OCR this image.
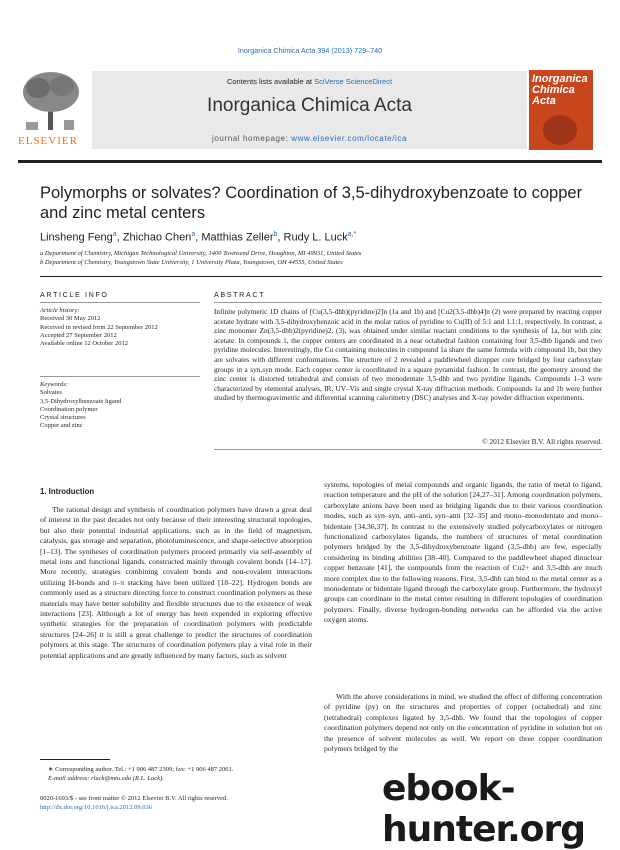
Inorganica Chimica Acta 394 (2013) 729–740
ELSEVIER
Contents lists available at SciVerse ScienceDirect
Inorganica Chimica Acta
journal homepage: www.elsevier.com/locate/ica
Inorganica Chimica Acta
Polymorphs or solvates? Coordination of 3,5-dihydroxybenzoate to copper and zinc metal centers
Linsheng Feng$^a$, Zhichao Chen$^a$, Matthias Zeller$^b$, Rudy L. Luck$^{a,*}$
a Department of Chemistry, Michigan Technological University, 1400 Townsend Drive, Houghton, MI 49931, United States
b Department of Chemistry, Youngstown State University, 1 University Plaza, Youngstown, OH 44555, United States
ARTICLE INFO	ABSTRACT
Article history:
Received 30 May 2012
Received in revised form 22 September 2012
Accepted 27 September 2012
Available online 12 October 2012
Keywords:
Solvates
3,5-Dihydroxylbenzoate ligand
Coordination polymer
Crystal structures
Copper and zinc
Infinite polymeric 1D chains of [Cu(3,5-dhb)(pyridine)2]n (1a and 1b) and [Cu2(3,5-dhb)4]n (2) were prepared by reacting copper acetate hydrate with 3,5-dihydroxybenzoic acid in the molar ratios of pyridine to Cu(II) of 5:1 and 1.1:1, respectively. In contrast, a zinc monomer Zn(3,5-dhb)2(pyridine)2, (3), was obtained under similar reactant conditions to the synthesis of 1a, but with zinc acetate. In compounds 1, the copper centers are coordinated in a near octahedral fashion containing four 3,5-dhb ligands and two pyridine molecules. Interestingly, the Cu containing molecules in compound 1a share the same formula with compound 1b, but they are solvates with different conformations. The structure of 2 revealed a paddlewheel dicopper core bridged by four carboxylate groups in a syn,syn mode. Each copper center is coordinated in a square pyramidal fashion. In contrast, the geometry around the zinc center is distorted tetrahedral and consists of two monodentate 3,5-dhb and two pyridine ligands. Compounds 1–3 were characterized by elemental analyses, IR, UV–Vis and single crystal X-ray diffraction methods. Compounds 1a and 1b were further studied by thermogravimetric and differential scanning calorimetry (DSC) analyses and X-ray powder diffraction experiments.
© 2012 Elsevier B.V. All rights reserved.
1. Introduction
The rational design and synthesis of coordination polymers have drawn a great deal of interest in the past decades not only because of their interesting structural topologies, but also their potential industrial applications, such as in the field of magnetism, catalysis, gas storage and separation, photoluminescence, and shape-selective absorption [1–13]. The syntheses of coordination polymers proceed primarily via self-assembly of metal ions and functional ligands, constructed mainly through covalent bonds [14–17]. More recently, strategies combining covalent bonds and non-covalent interactions utilizing H-bonds and π–π stacking have been utilized [18–22]. Hydrogen bonds are commonly used as a structure directing force to construct coordination polymers as these materials may have better solubility and flexible structures due to the existence of weak interactions [23]. Although a lot of energy has been expended in exploring effective synthetic strategies for the preparation of coordination polymers with predictable structures [24–26] it is still a great challenge to predict the structures of coordination polymers at this stage. The structures of coordination polymers play a vital role in their potential applications and are greatly influenced by many factors, such as solvent
systems, topologies of metal compounds and organic ligands, the ratio of metal to ligand, reaction temperature and the pH of the solution [24,27–31]. Among coordination polymers, carboxylate anions have been used as bridging ligands due to their various coordination modes, such as syn–syn, anti–anti, syn–anti [32–35] and mono–monodentate and mono–bidentate [34,36,37]. In contrast to the extensively studied polycarboxylates or nitrogen functionalized carboxylates ligands, the numbers of structures of metal coordination polymers bridged by the 3,5-dihydroxybenzoate ligand (3,5-dhb) are few, especially considering its binding abilities [38–40]. Compared to the paddlewheel shaped dinuclear copper benzoate [41], the compounds from the reaction of Cu2+ and 3,5-dhb are much more complex due to the following reasons. First, 3,5-dhb can bind to the metal center as a monodentate or bidentate ligand through the carboxylate group. Furthermore, the hydroxyl groups can coordinate to the metal center resulting in different topologies of coordination polymers. Finally, diverse hydrogen-bonding networks can be afforded via the active oxygen atoms.
With the above considerations in mind, we studied the effect of differing concentration of pyridine (py) on the structures and properties of copper (octahedral) and zinc (tetrahedral) complexes ligated by 3,5-dhb. We found that the topologies of copper coordination polymers depend not only on the concentration of pyridine in solution but on the presence of solvent molecules as well. We report on three copper coordination polymers bridged by the
∗ Corresponding author. Tel.: +1 906 487 2309; fax: +1 906 487 2061.
E-mail address: rluck@mtu.edu (R.L. Luck).
0020-1693/$ - see front matter © 2012 Elsevier B.V. All rights reserved.
http://dx.doi.org/10.1016/j.ica.2012.09.036	ebook-hunter.org
